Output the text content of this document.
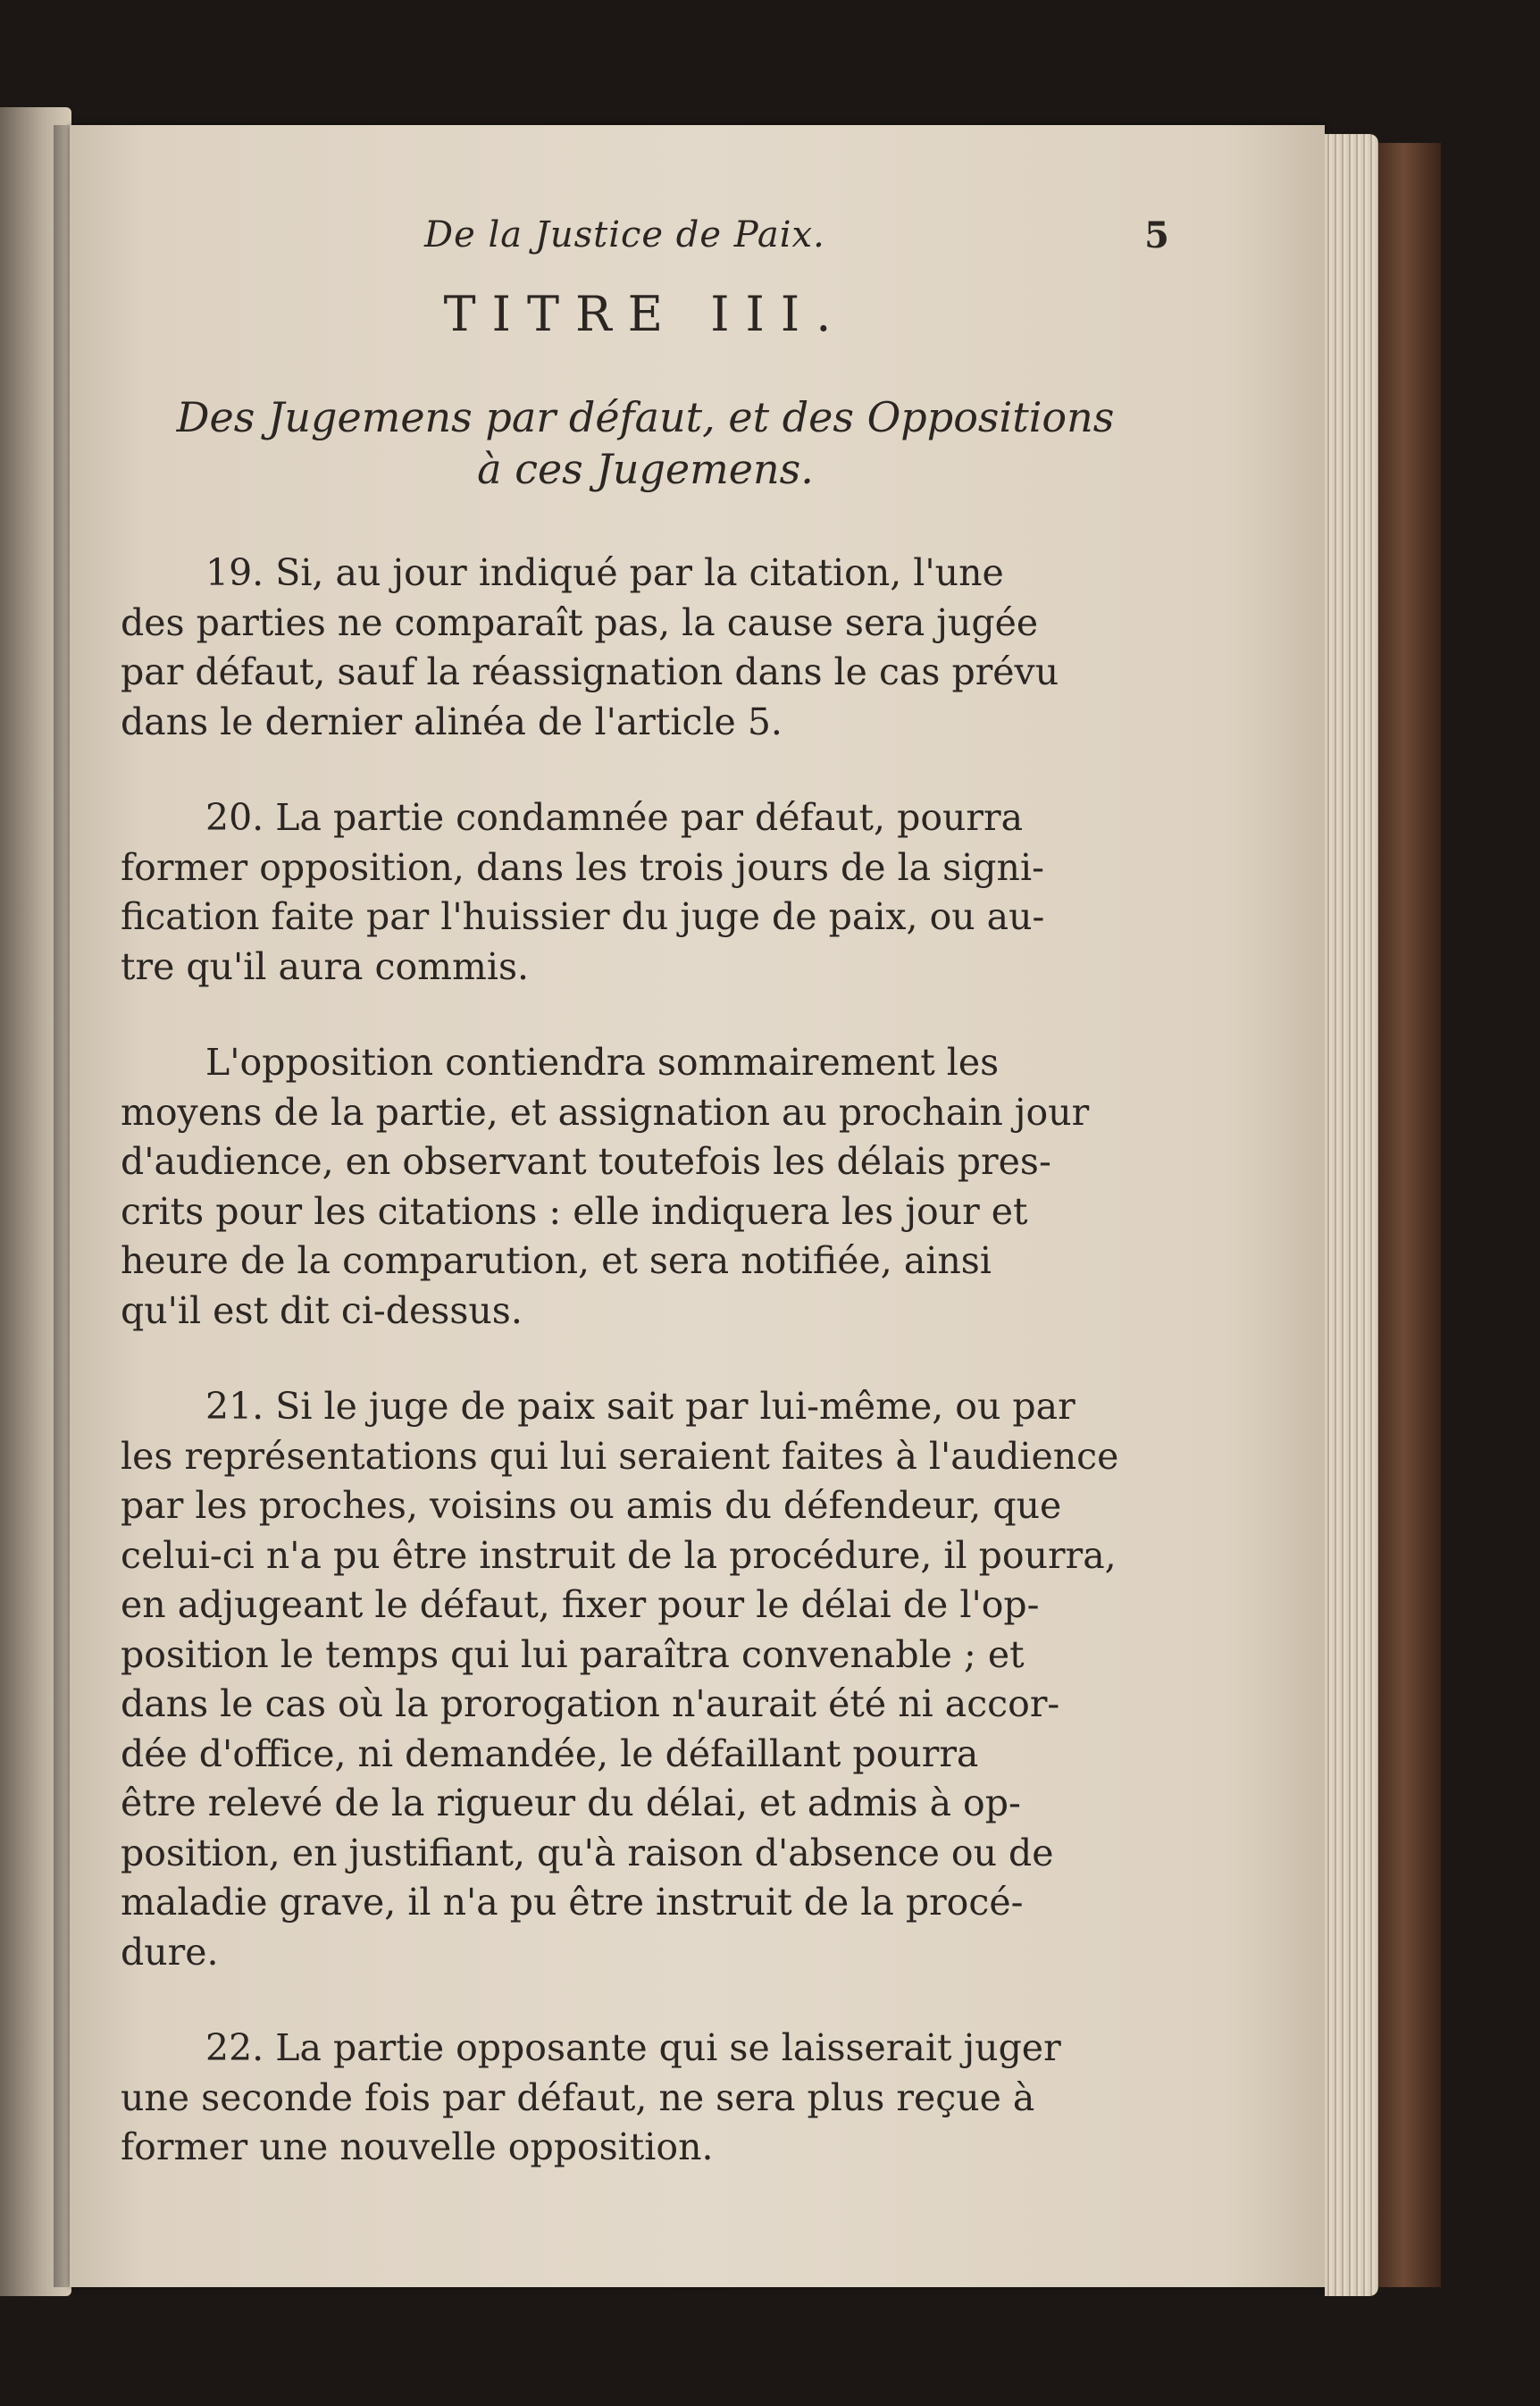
De la Justice de Paix.	5
TITRE III.
Des Jugemens par défaut, et des Oppositions
à ces Jugemens.
19. Si, au jour indiqué par la citation, l'une
des parties ne comparaît pas, la cause sera jugée
par défaut, sauf la réassignation dans le cas prévu
dans le dernier alinéa de l'article 5.
20. La partie condamnée par défaut, pourra
former opposition, dans les trois jours de la signi-
fication faite par l'huissier du juge de paix, ou au-
tre qu'il aura commis.
L'opposition contiendra sommairement les
moyens de la partie, et assignation au prochain jour
d'audience, en observant toutefois les délais pres-
crits pour les citations : elle indiquera les jour et
heure de la comparution, et sera notifiée, ainsi
qu'il est dit ci-dessus.
21. Si le juge de paix sait par lui-même, ou par
les représentations qui lui seraient faites à l'audience
par les proches, voisins ou amis du défendeur, que
celui-ci n'a pu être instruit de la procédure, il pourra,
en adjugeant le défaut, fixer pour le délai de l'op-
position le temps qui lui paraîtra convenable ; et
dans le cas où la prorogation n'aurait été ni accor-
dée d'office, ni demandée, le défaillant pourra
être relevé de la rigueur du délai, et admis à op-
position, en justifiant, qu'à raison d'absence ou de
maladie grave, il n'a pu être instruit de la procé-
dure.
22. La partie opposante qui se laisserait juger
une seconde fois par défaut, ne sera plus reçue à
former une nouvelle opposition.
